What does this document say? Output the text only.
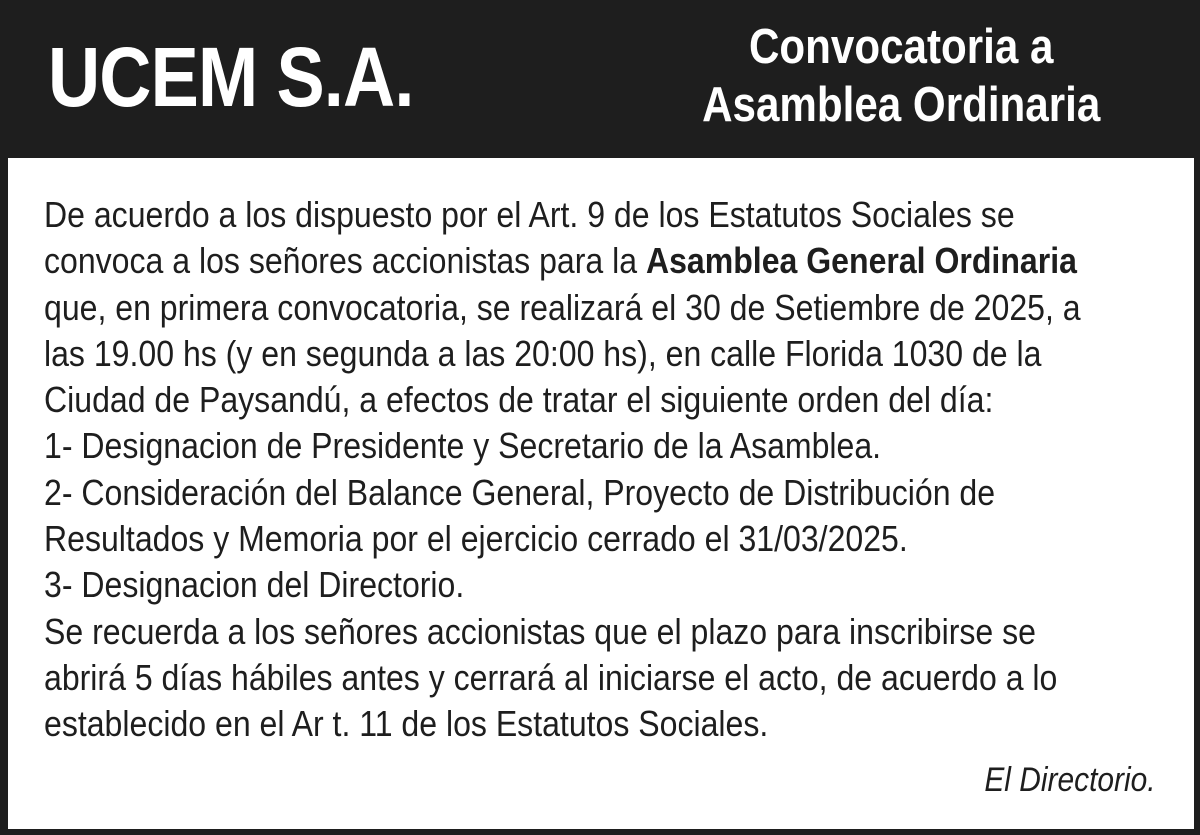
UCEM S.A.	Convocatoria a
Asamblea Ordinaria
De acuerdo a los dispuesto por el Art. 9 de los Estatutos Sociales se
convoca a los señores accionistas para la Asamblea General Ordinaria
que, en primera convocatoria, se realizará el 30 de Setiembre de 2025, a
las 19.00 hs (y en segunda a las 20:00 hs), en calle Florida 1030 de la
Ciudad de Paysandú, a efectos de tratar el siguiente orden del día:
1- Designacion de Presidente y Secretario de la Asamblea.
2- Consideración del Balance General, Proyecto de Distribución de
Resultados y Memoria por el ejercicio cerrado el 31/03/2025.
3- Designacion del Directorio.
Se recuerda a los señores accionistas que el plazo para inscribirse se
abrirá 5 días hábiles antes y cerrará al iniciarse el acto, de acuerdo a lo
establecido en el Ar t. 11 de los Estatutos Sociales.
El Directorio.
